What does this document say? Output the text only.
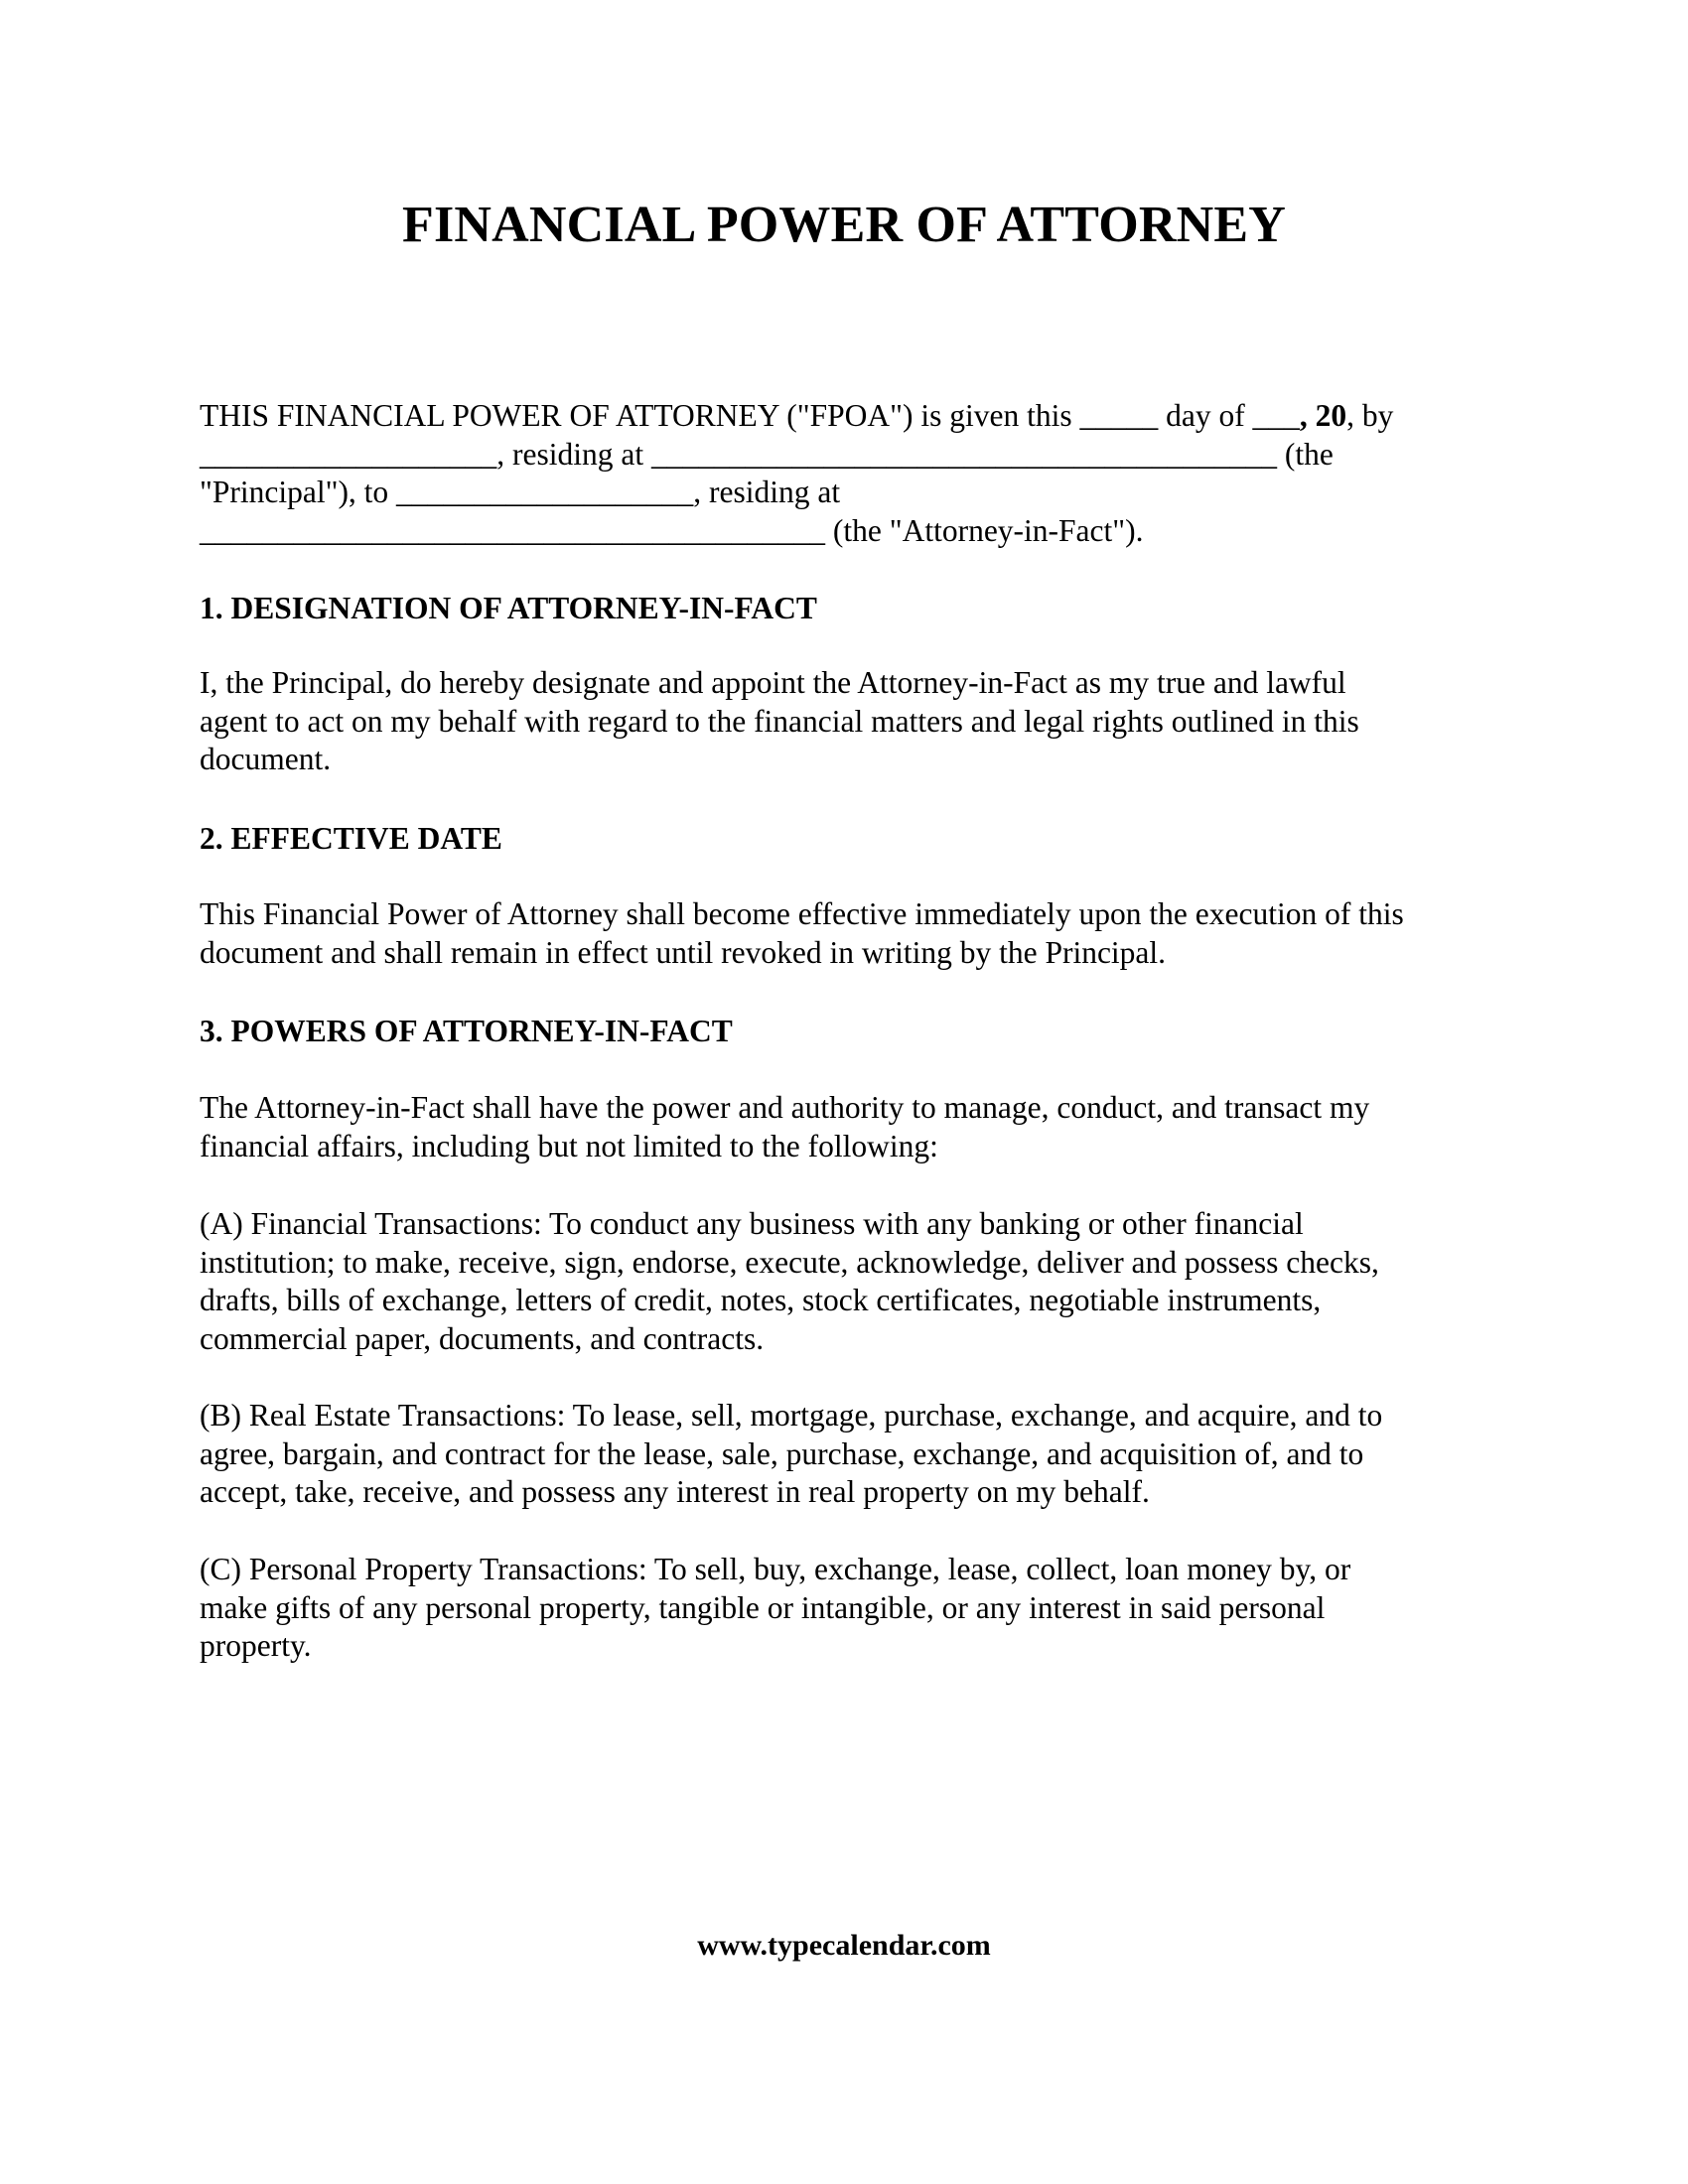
FINANCIAL POWER OF ATTORNEY
THIS FINANCIAL POWER OF ATTORNEY ("FPOA") is given this _____ day of ___, 20, by
___________________, residing at ________________________________________ (the
"Principal"), to ___________________, residing at
________________________________________ (the "Attorney-in-Fact").
1. DESIGNATION OF ATTORNEY-IN-FACT
I, the Principal, do hereby designate and appoint the Attorney-in-Fact as my true and lawful
agent to act on my behalf with regard to the financial matters and legal rights outlined in this
document.
2. EFFECTIVE DATE
This Financial Power of Attorney shall become effective immediately upon the execution of this
document and shall remain in effect until revoked in writing by the Principal.
3. POWERS OF ATTORNEY-IN-FACT
The Attorney-in-Fact shall have the power and authority to manage, conduct, and transact my
financial affairs, including but not limited to the following:
(A) Financial Transactions: To conduct any business with any banking or other financial
institution; to make, receive, sign, endorse, execute, acknowledge, deliver and possess checks,
drafts, bills of exchange, letters of credit, notes, stock certificates, negotiable instruments,
commercial paper, documents, and contracts.
(B) Real Estate Transactions: To lease, sell, mortgage, purchase, exchange, and acquire, and to
agree, bargain, and contract for the lease, sale, purchase, exchange, and acquisition of, and to
accept, take, receive, and possess any interest in real property on my behalf.
(C) Personal Property Transactions: To sell, buy, exchange, lease, collect, loan money by, or
make gifts of any personal property, tangible or intangible, or any interest in said personal
property.
www.typecalendar.com
